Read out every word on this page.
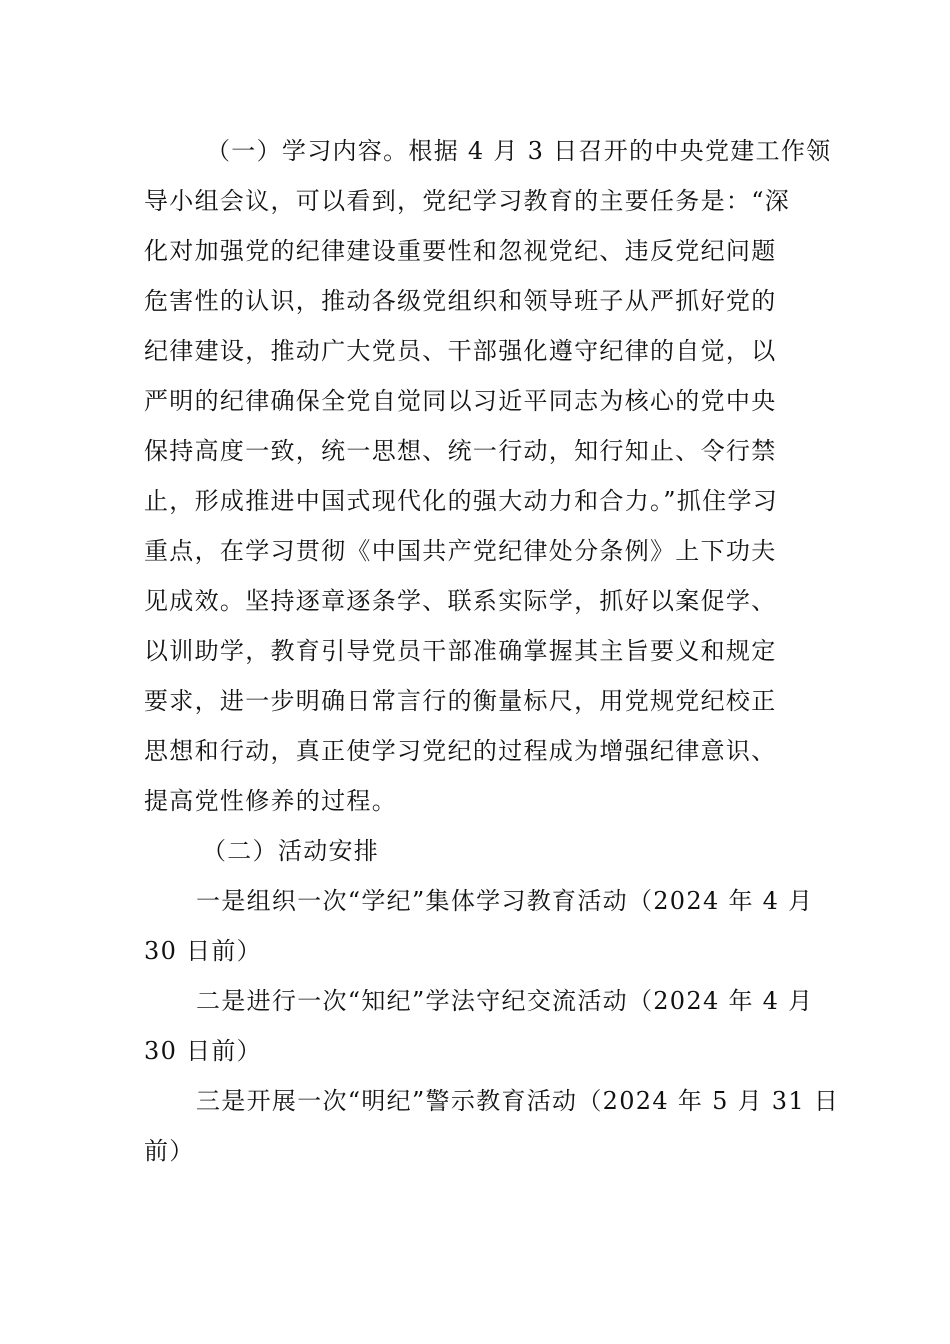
（一）学习内容。根据 4 月 3 日召开的中央党建工作领
导小组会议，可以看到，党纪学习教育的主要任务是：“深
化对加强党的纪律建设重要性和忽视党纪、违反党纪问题
危害性的认识，推动各级党组织和领导班子从严抓好党的
纪律建设，推动广大党员、干部强化遵守纪律的自觉，以
严明的纪律确保全党自觉同以习近平同志为核心的党中央
保持高度一致，统一思想、统一行动，知行知止、令行禁
止，形成推进中国式现代化的强大动力和合力。”抓住学习
重点，在学习贯彻《中国共产党纪律处分条例》上下功夫
见成效。坚持逐章逐条学、联系实际学，抓好以案促学、
以训助学，教育引导党员干部准确掌握其主旨要义和规定
要求，进一步明确日常言行的衡量标尺，用党规党纪校正
思想和行动，真正使学习党纪的过程成为增强纪律意识、
提高党性修养的过程。
（二）活动安排
一是组织一次“学纪”集体学习教育活动（2024 年 4 月
30 日前）
二是进行一次“知纪”学法守纪交流活动（2024 年 4 月
30 日前）
三是开展一次“明纪”警示教育活动（2024 年 5 月 31 日
前）
